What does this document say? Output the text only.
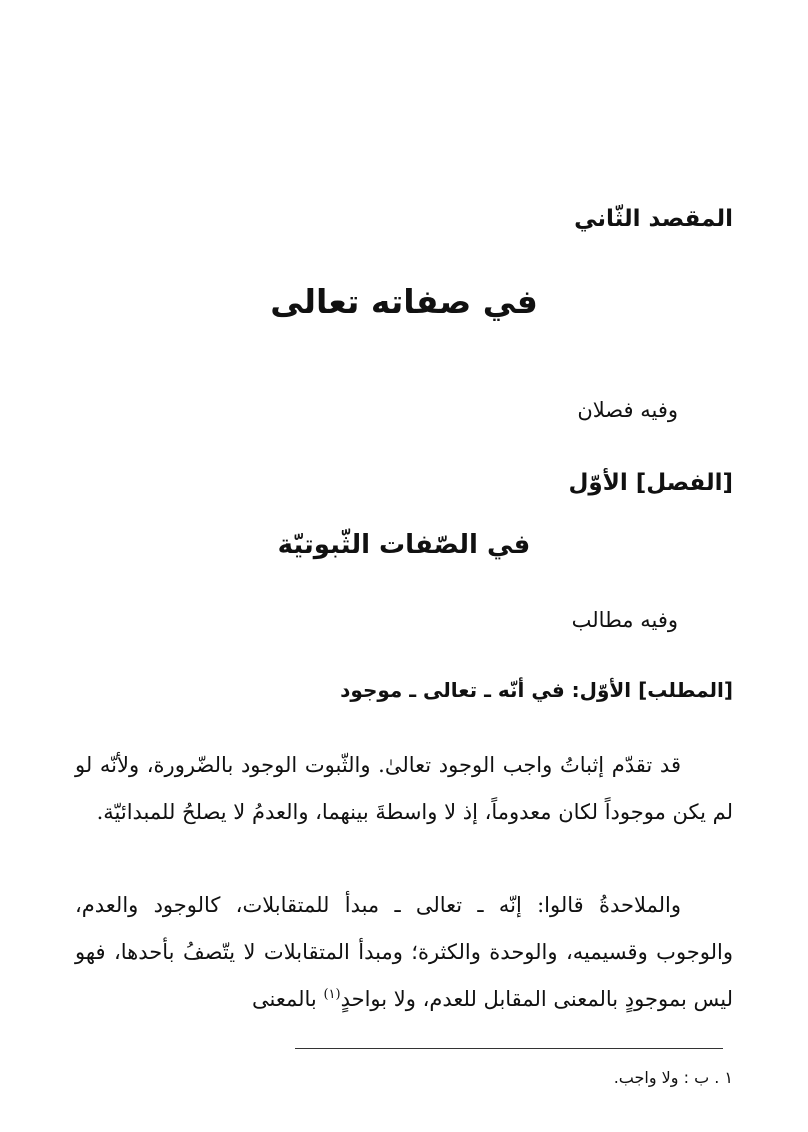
المقصد الثّاني
في صفاته تعالى
وفيه فصلان
[الفصل] الأوّل
في الصّفات الثّبوتيّة
وفيه مطالب
[المطلب] الأوّل: في أنّه ـ تعالى ـ موجود
قد تقدّم إثباتُ واجب الوجود تعالىٰ. والثّبوت الوجود بالضّرورة، ولأنّه لو لم يكن موجوداً لكان معدوماً، إذ لا واسطةَ بينهما، والعدمُ لا يصلحُ للمبدائيّة.
والملاحدةُ قالوا: إنّه ـ تعالى ـ مبدأ للمتقابلات، كالوجود والعدم، والوجوب وقسيميه، والوحدة والكثرة؛ ومبدأ المتقابلات لا يتّصفُ بأحدها، فهو ليس بموجودٍ بالمعنى المقابل للعدم، ولا بواحدٍ$^{(١)}$ بالمعنى
١ . ب : ولا واجب.
